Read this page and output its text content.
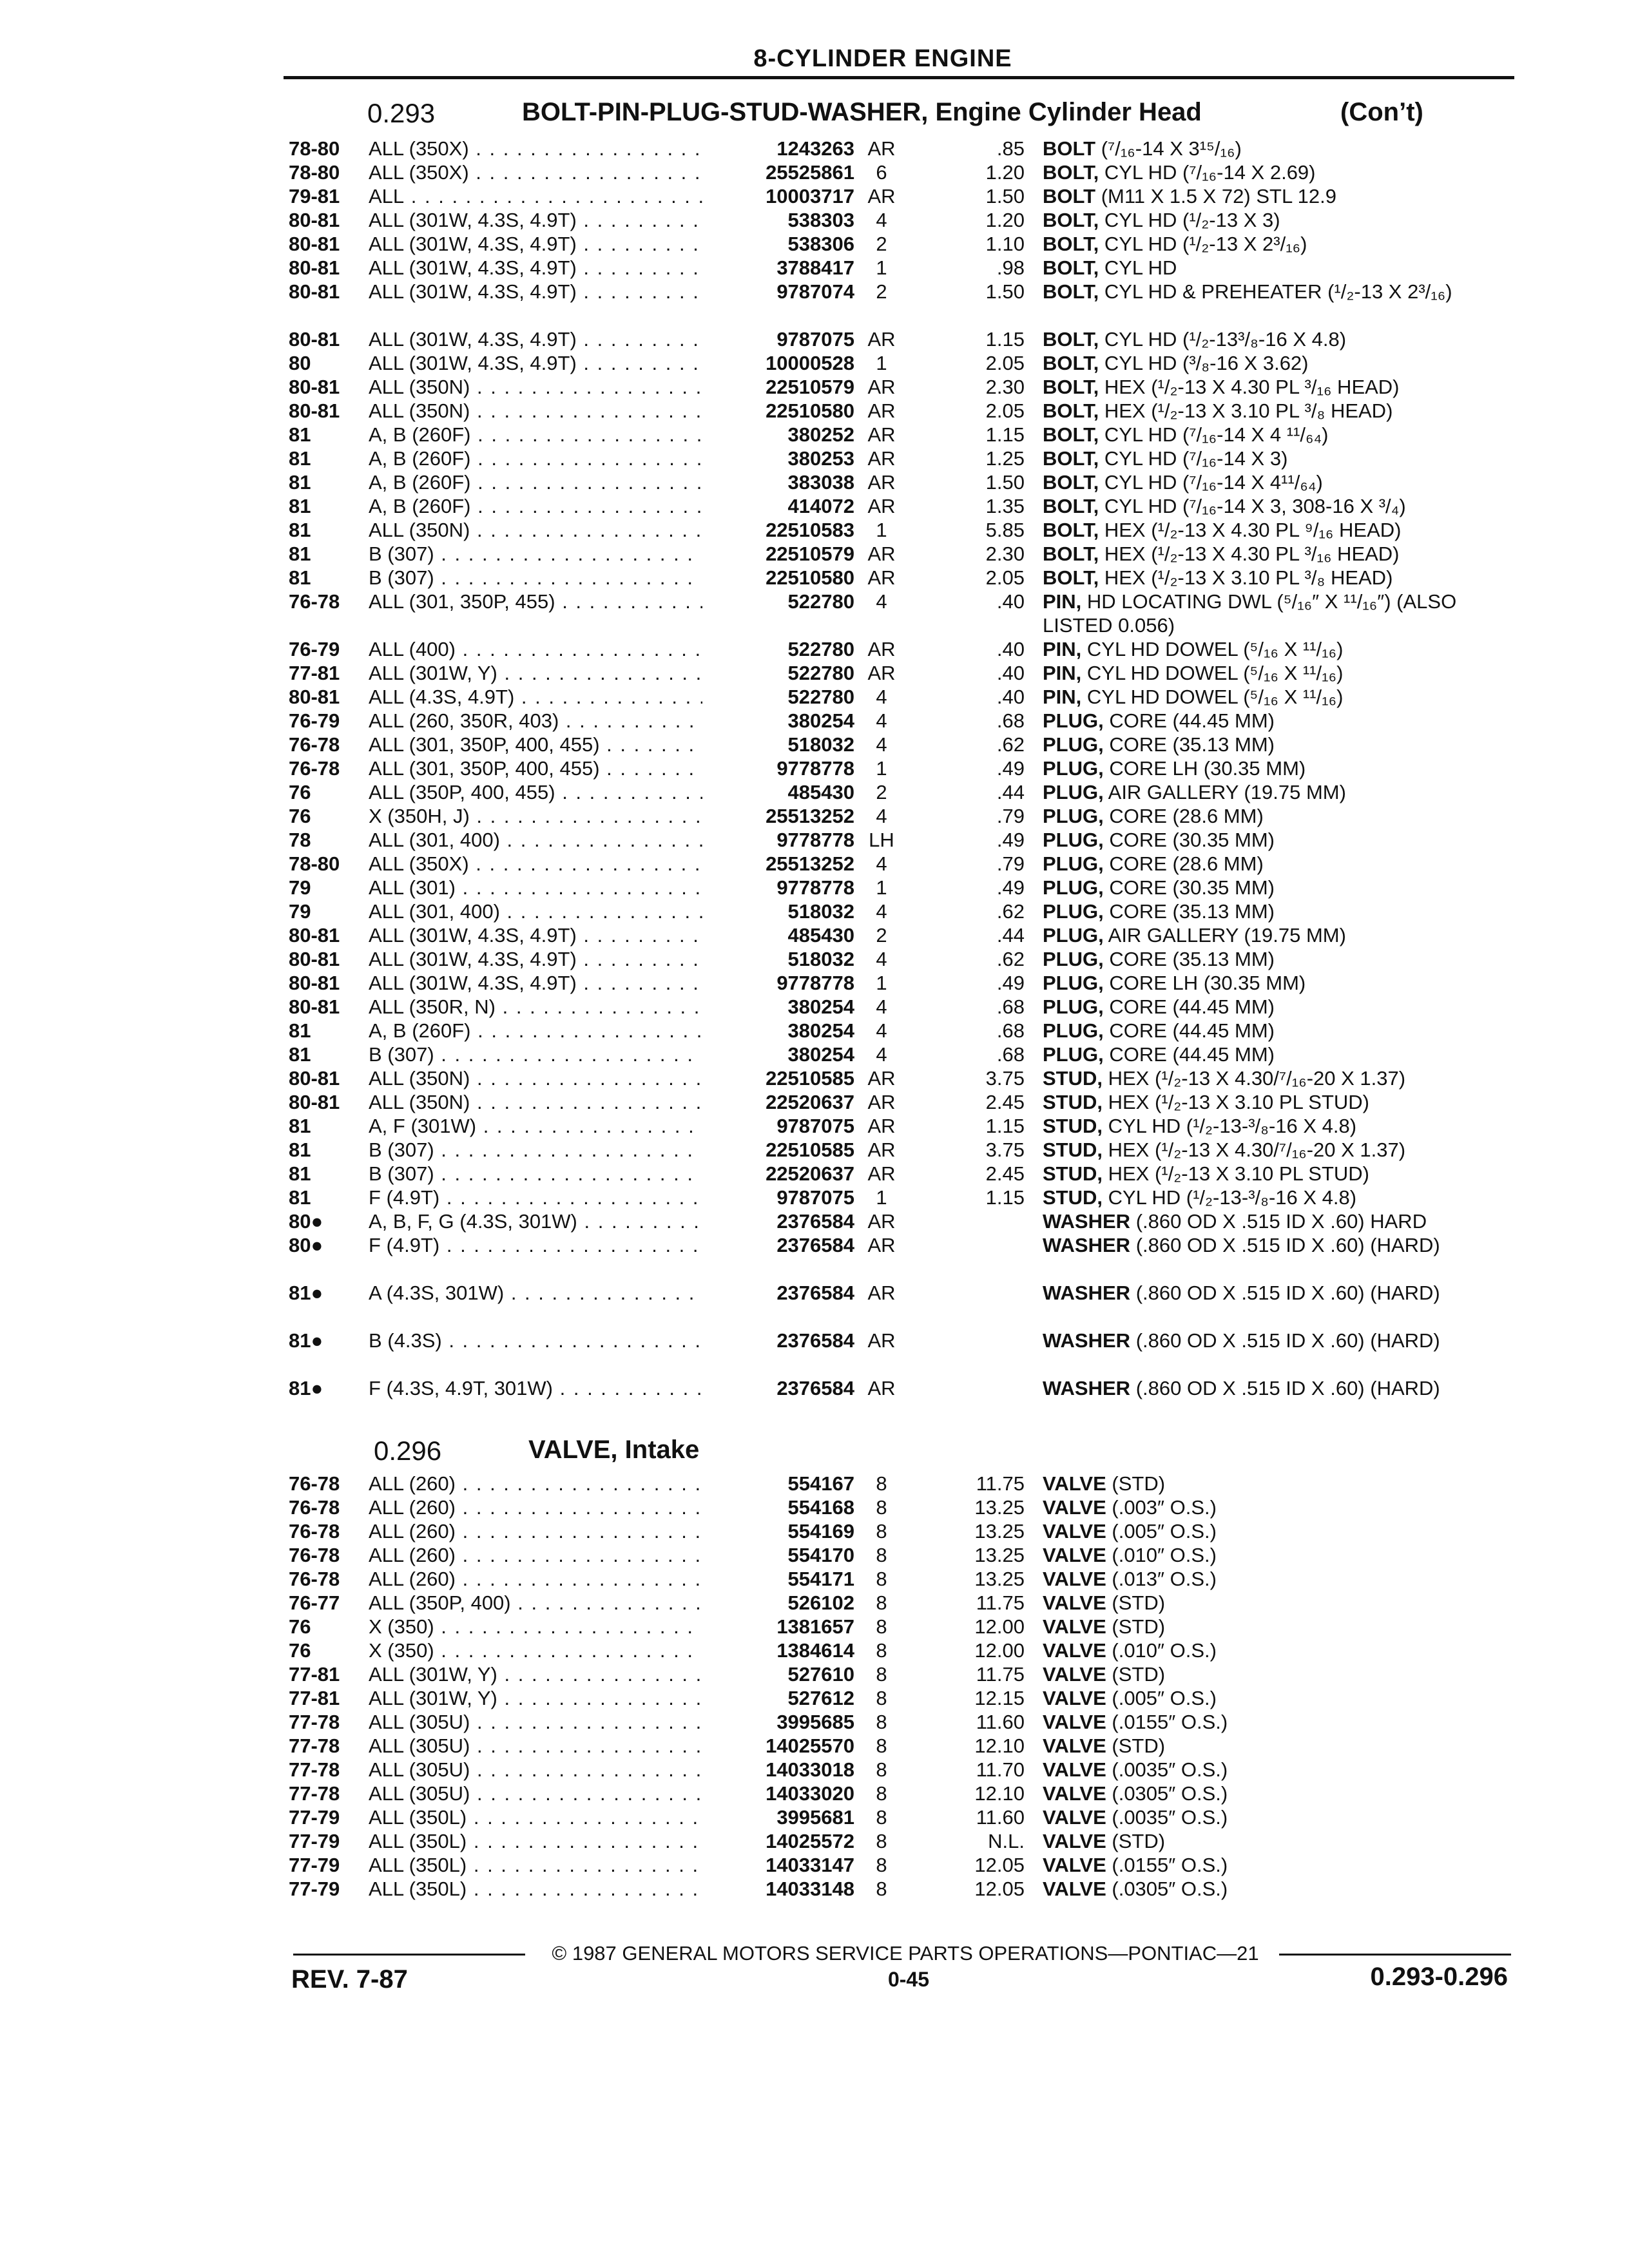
8-CYLINDER ENGINE
0.293	BOLT-PIN-PLUG-STUD-WASHER, Engine Cylinder Head	(Con’t)
78-80	ALL (350X) . . .	1243263 AR	.85 BOLT (⁷/₁₆-14 X 3¹⁵/₁₆)
78-80	ALL (350X) . . .	25525861	6	1.20 BOLT, CYL HD (⁷/₁₆-14 X 2.69)
79-81	ALL . . .	10003717 AR	1.50 BOLT (M11 X 1.5 X 72) STL 12.9
80-81	ALL (301W, 4.3S, 4.9T) . . .	538303	4	1.20 BOLT, CYL HD (¹/₂-13 X 3)
80-81	ALL (301W, 4.3S, 4.9T) . . .	538306	2	1.10 BOLT, CYL HD (¹/₂-13 X 2³/₁₆)
80-81	ALL (301W, 4.3S, 4.9T) . . .	3788417	1	.98 BOLT, CYL HD
80-81	ALL (301W, 4.3S, 4.9T) . . .	9787074	2	1.50 BOLT, CYL HD & PREHEATER (¹/₂-13 X 2³/₁₆)
80-81	ALL (301W, 4.3S, 4.9T) . . .	9787075 AR	1.15 BOLT, CYL HD (¹/₂-13³/₈-16 X 4.8)
80	ALL (301W, 4.3S, 4.9T) . . .	10000528	1	2.05 BOLT, CYL HD (³/₈-16 X 3.62)
80-81	ALL (350N) . . .	22510579 AR	2.30 BOLT, HEX (¹/₂-13 X 4.30 PL ³/₁₆ HEAD)
80-81	ALL (350N) . . .	22510580 AR	2.05 BOLT, HEX (¹/₂-13 X 3.10 PL ³/₈ HEAD)
81	A, B (260F) . . .	380252 AR	1.15 BOLT, CYL HD (⁷/₁₆-14 X 4 ¹¹/₆₄)
81	A, B (260F) . . .	380253 AR	1.25 BOLT, CYL HD (⁷/₁₆-14 X 3)
81	A, B (260F) . . .	383038 AR	1.50 BOLT, CYL HD (⁷/₁₆-14 X 4¹¹/₆₄)
81	A, B (260F) . . .	414072 AR	1.35 BOLT, CYL HD (⁷/₁₆-14 X 3, 308-16 X ³/₄)
81	ALL (350N) . . .	22510583	1	5.85 BOLT, HEX (¹/₂-13 X 4.30 PL ⁹/₁₆ HEAD)
81	B (307) . . .	22510579 AR	2.30 BOLT, HEX (¹/₂-13 X 4.30 PL ³/₁₆ HEAD)
81	B (307) . . .	22510580 AR	2.05 BOLT, HEX (¹/₂-13 X 3.10 PL ³/₈ HEAD)
76-78	ALL (301, 350P, 455) . . .	522780	4	.40 PIN, HD LOCATING DWL (⁵/₁₆″ X ¹¹/₁₆″) (ALSO LISTED 0.056)
76-79	ALL (400) . . .	522780 AR	.40 PIN, CYL HD DOWEL (⁵/₁₆ X ¹¹/₁₆)
77-81	ALL (301W, Y) . . .	522780 AR	.40 PIN, CYL HD DOWEL (⁵/₁₆ X ¹¹/₁₆)
80-81	ALL (4.3S, 4.9T) . . .	522780	4	.40 PIN, CYL HD DOWEL (⁵/₁₆ X ¹¹/₁₆)
76-79	ALL (260, 350R, 403) . . .	380254	4	.68 PLUG, CORE (44.45 MM)
76-78	ALL (301, 350P, 400, 455) . . .	518032	4	.62 PLUG, CORE (35.13 MM)
76-78	ALL (301, 350P, 400, 455) . . .	9778778	1	.49 PLUG, CORE LH (30.35 MM)
76	ALL (350P, 400, 455) . . .	485430	2	.44 PLUG, AIR GALLERY (19.75 MM)
76	X (350H, J) . . .	25513252	4	.79 PLUG, CORE (28.6 MM)
78	ALL (301, 400) . . .	9778778 LH	.49 PLUG, CORE (30.35 MM)
78-80	ALL (350X) . . .	25513252	4	.79 PLUG, CORE (28.6 MM)
79	ALL (301) . . .	9778778	1	.49 PLUG, CORE (30.35 MM)
79	ALL (301, 400) . . .	518032	4	.62 PLUG, CORE (35.13 MM)
80-81	ALL (301W, 4.3S, 4.9T) . . .	485430	2	.44 PLUG, AIR GALLERY (19.75 MM)
80-81	ALL (301W, 4.3S, 4.9T) . . .	518032	4	.62 PLUG, CORE (35.13 MM)
80-81	ALL (301W, 4.3S, 4.9T) . . .	9778778	1	.49 PLUG, CORE LH (30.35 MM)
80-81	ALL (350R, N) . . .	380254	4	.68 PLUG, CORE (44.45 MM)
81	A, B (260F) . . .	380254	4	.68 PLUG, CORE (44.45 MM)
81	B (307) . . .	380254	4	.68 PLUG, CORE (44.45 MM)
80-81	ALL (350N) . . .	22510585 AR	3.75 STUD, HEX (¹/₂-13 X 4.30/⁷/₁₆-20 X 1.37)
80-81	ALL (350N) . . .	22520637 AR	2.45 STUD, HEX (¹/₂-13 X 3.10 PL STUD)
81	A, F (301W) . . .	9787075 AR	1.15 STUD, CYL HD (¹/₂-13-³/₈-16 X 4.8)
81	B (307) . . .	22510585 AR	3.75 STUD, HEX (¹/₂-13 X 4.30/⁷/₁₆-20 X 1.37)
81	B (307) . . .	22520637 AR	2.45 STUD, HEX (¹/₂-13 X 3.10 PL STUD)
81	F (4.9T) . . .	9787075	1	1.15 STUD, CYL HD (¹/₂-13-³/₈-16 X 4.8)
80●	A, B, F, G (4.3S, 301W) . . .	2376584 AR	WASHER (.860 OD X .515 ID X .60) HARD
80●	F (4.9T) . . .	2376584 AR	WASHER (.860 OD X .515 ID X .60) (HARD)
81●	A (4.3S, 301W) . . .	2376584 AR	WASHER (.860 OD X .515 ID X .60) (HARD)
81●	B (4.3S) . . .	2376584 AR	WASHER (.860 OD X .515 ID X .60) (HARD)
81●	F (4.3S, 4.9T, 301W) . . .	2376584 AR	WASHER (.860 OD X .515 ID X .60) (HARD)
0.296	VALVE, Intake
76-78	ALL (260) . . .	554167	8	11.75 VALVE (STD)
76-78	ALL (260) . . .	554168	8	13.25 VALVE (.003″ O.S.)
76-78	ALL (260) . . .	554169	8	13.25 VALVE (.005″ O.S.)
76-78	ALL (260) . . .	554170	8	13.25 VALVE (.010″ O.S.)
76-78	ALL (260) . . .	554171	8	13.25 VALVE (.013″ O.S.)
76-77	ALL (350P, 400) . . .	526102	8	11.75 VALVE (STD)
76	X (350) . . .	1381657	8	12.00 VALVE (STD)
76	X (350) . . .	1384614	8	12.00 VALVE (.010″ O.S.)
77-81	ALL (301W, Y) . . .	527610	8	11.75 VALVE (STD)
77-81	ALL (301W, Y) . . .	527612	8	12.15 VALVE (.005″ O.S.)
77-78	ALL (305U) . . .	3995685	8	11.60 VALVE (.0155″ O.S.)
77-78	ALL (305U) . . .	14025570	8	12.10 VALVE (STD)
77-78	ALL (305U) . . .	14033018	8	11.70 VALVE (.0035″ O.S.)
77-78	ALL (305U) . . .	14033020	8	12.10 VALVE (.0305″ O.S.)
77-79	ALL (350L) . . .	3995681	8	11.60 VALVE (.0035″ O.S.)
77-79	ALL (350L) . . .	14025572	8	N.L. VALVE (STD)
77-79	ALL (350L) . . .	14033147	8	12.05 VALVE (.0155″ O.S.)
77-79	ALL (350L) . . .	14033148	8	12.05 VALVE (.0305″ O.S.)
© 1987 GENERAL MOTORS SERVICE PARTS OPERATIONS—PONTIAC—21
REV. 7-87	0-45	0.293-0.296
